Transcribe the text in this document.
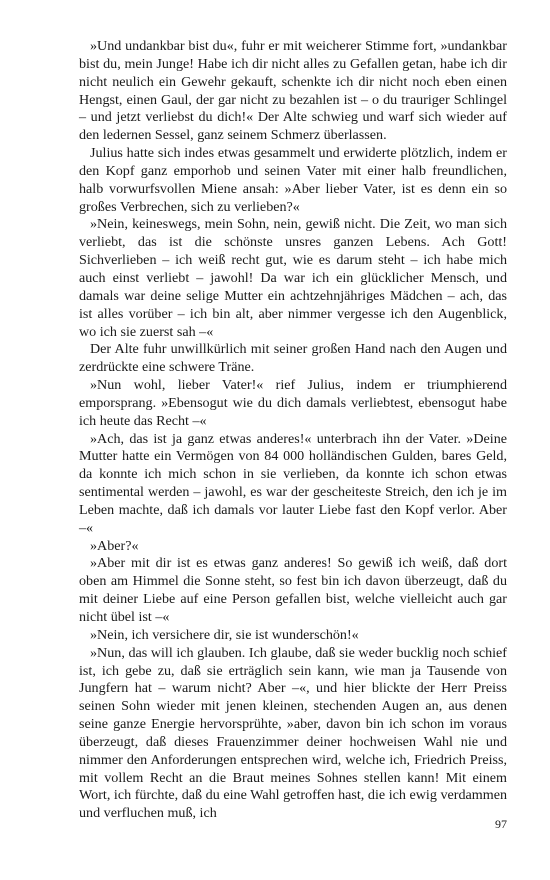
»Und undankbar bist du«, fuhr er mit weicherer Stimme fort, »undankbar bist du, mein Junge! Habe ich dir nicht alles zu Gefallen getan, habe ich dir nicht neulich ein Gewehr gekauft, schenkte ich dir nicht noch eben einen Hengst, einen Gaul, der gar nicht zu bezahlen ist – o du trauriger Schlingel – und jetzt verliebst du dich!« Der Alte schwieg und warf sich wieder auf den ledernen Sessel, ganz seinem Schmerz überlassen.

Julius hatte sich indes etwas gesammelt und erwiderte plötzlich, indem er den Kopf ganz emporhob und seinen Vater mit einer halb freundlichen, halb vorwurfsvollen Miene ansah: »Aber lieber Vater, ist es denn ein so großes Verbrechen, sich zu verlieben?«

»Nein, keineswegs, mein Sohn, nein, gewiß nicht. Die Zeit, wo man sich verliebt, das ist die schönste unsres ganzen Lebens. Ach Gott! Sichverlieben – ich weiß recht gut, wie es darum steht – ich habe mich auch einst verliebt – jawohl! Da war ich ein glücklicher Mensch, und damals war deine selige Mutter ein achtzehnjähriges Mädchen – ach, das ist alles vorüber – ich bin alt, aber nimmer vergesse ich den Augenblick, wo ich sie zuerst sah –«

Der Alte fuhr unwillkürlich mit seiner großen Hand nach den Augen und zerdrückte eine schwere Träne.

»Nun wohl, lieber Vater!« rief Julius, indem er triumphierend emporsprang. »Ebensogut wie du dich damals verliebtest, ebensogut habe ich heute das Recht –«

»Ach, das ist ja ganz etwas anderes!« unterbrach ihn der Vater. »Deine Mutter hatte ein Vermögen von 84 000 holländischen Gulden, bares Geld, da konnte ich mich schon in sie verlieben, da konnte ich schon etwas sentimental werden – jawohl, es war der gescheiteste Streich, den ich je im Leben machte, daß ich damals vor lauter Liebe fast den Kopf verlor. Aber –«

»Aber?«

»Aber mit dir ist es etwas ganz anderes! So gewiß ich weiß, daß dort oben am Himmel die Sonne steht, so fest bin ich davon überzeugt, daß du mit deiner Liebe auf eine Person gefallen bist, welche vielleicht auch gar nicht übel ist –«

»Nein, ich versichere dir, sie ist wunderschön!«

»Nun, das will ich glauben. Ich glaube, daß sie weder bucklig noch schief ist, ich gebe zu, daß sie erträglich sein kann, wie man ja Tausende von Jungfern hat – warum nicht? Aber –«, und hier blickte der Herr Preiss seinen Sohn wieder mit jenen kleinen, stechenden Augen an, aus denen seine ganze Energie hervorsprühte, »aber, davon bin ich schon im voraus überzeugt, daß dieses Frauenzimmer deiner hochweisen Wahl nie und nimmer den Anforderungen entsprechen wird, welche ich, Friedrich Preiss, mit vollem Recht an die Braut meines Sohnes stellen kann! Mit einem Wort, ich fürchte, daß du eine Wahl getroffen hast, die ich ewig verdammen und verfluchen muß, ich

97
